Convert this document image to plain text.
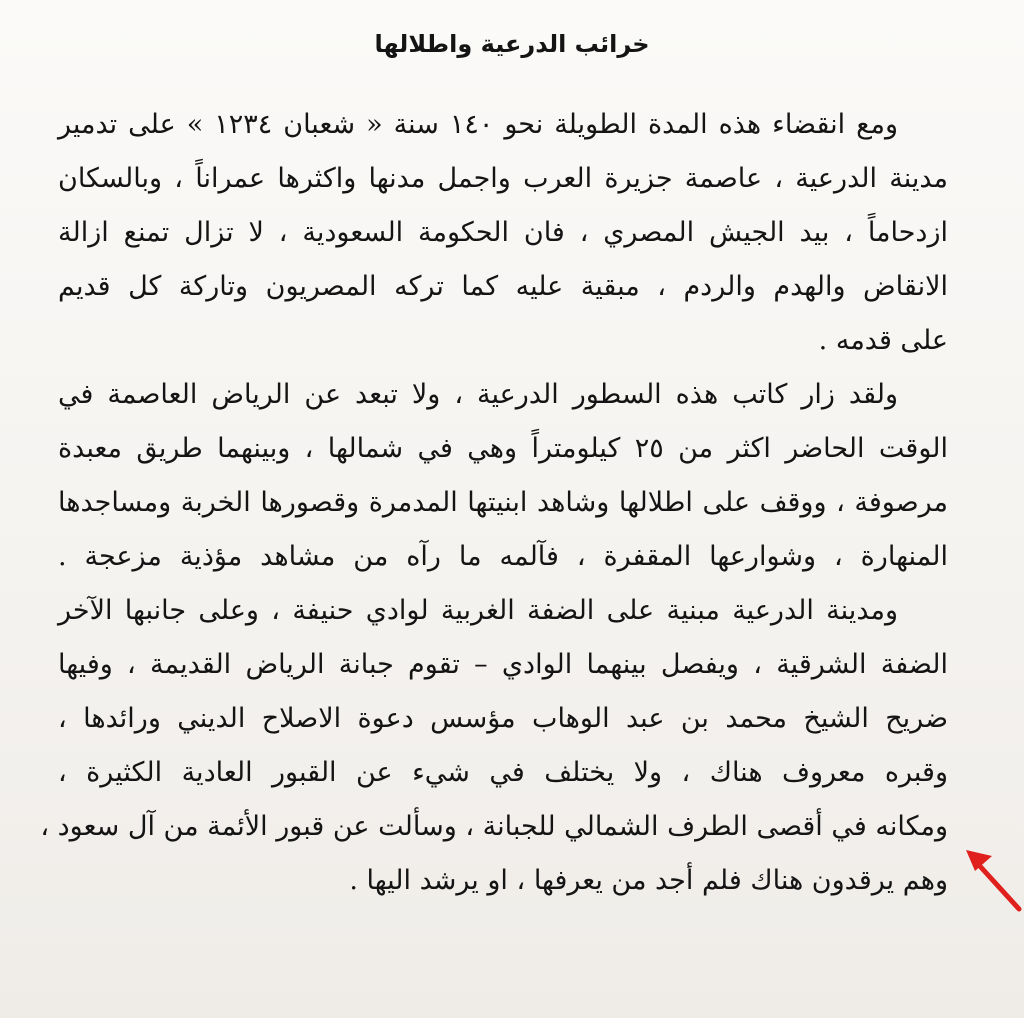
خرائب الدرعية واطلالها

ومع انقضاء هذه المدة الطويلة نحو ١٤٠ سنة « شعبان ١٢٣٤ » على تدمير
مدينة الدرعية ، عاصمة جزيرة العرب واجمل مدنها واكثرها عمراناً ، وبالسكان
ازدحاماً ، بيد الجيش المصري ، فان الحكومة السعودية ، لا تزال تمنع ازالة
الانقاض والهدم والردم ، مبقية عليه كما تركه المصريون وتاركة كل قديم
على قدمه .

ولقد زار كاتب هذه السطور الدرعية ، ولا تبعد عن الرياض العاصمة في
الوقت الحاضر اكثر من ٢٥ كيلومتراً وهي في شمالها ، وبينهما طريق معبدة
مرصوفة ، ووقف على اطلالها وشاهد ابنيتها المدمرة وقصورها الخربة ومساجدها
المنهارة ، وشوارعها المقفرة ، فآلمه ما رآه من مشاهد مؤذية مزعجة .

ومدينة الدرعية مبنية على الضفة الغربية لوادي حنيفة ، وعلى جانبها الآخر
الضفة الشرقية ، ويفصل بينهما الوادي – تقوم جبانة الرياض القديمة ، وفيها
ضريح الشيخ محمد بن عبد الوهاب مؤسس دعوة الاصلاح الديني ورائدها ،
وقبره معروف هناك ، ولا يختلف في شيء عن القبور العادية الكثيرة ،
ومكانه في أقصى الطرف الشمالي للجبانة ، وسألت عن قبور الأئمة من آل سعود ،
وهم يرقدون هناك فلم أجد من يعرفها ، او يرشد اليها .
